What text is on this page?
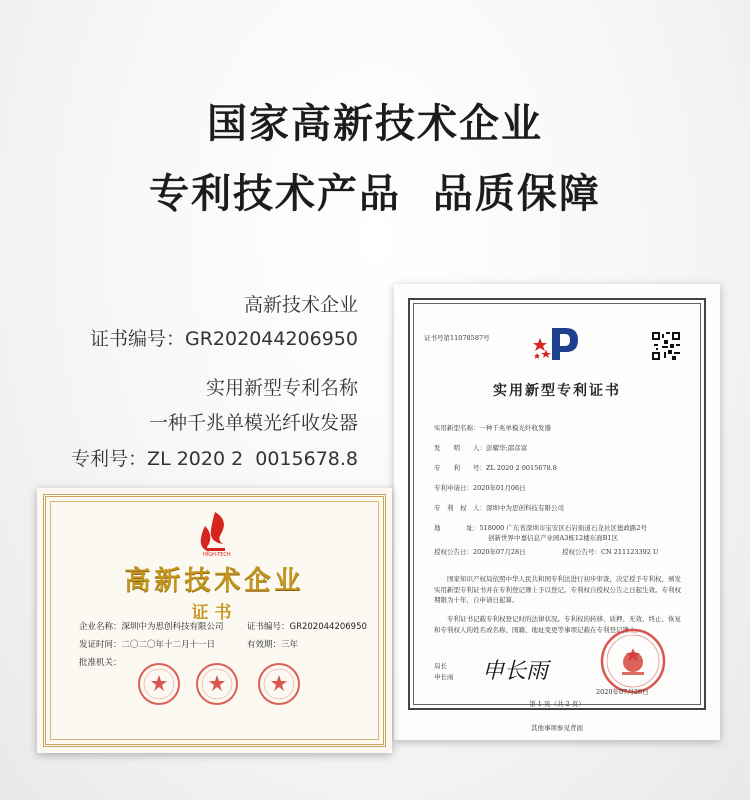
国家高新技术企业
专利技术产品  品质保障
高新技术企业
证书编号：GR202044206950
实用新型专利名称
一种千兆单模光纤收发器
专利号：ZL 2020 2  0015678.8
证书号第11078587号
实用新型专利证书
实用新型名称：一种千兆单模光纤收发器
发　　明　　人：彭耀华;邵彦富
专　　利　　号：ZL 2020 2 0015678.8
专利申请日：2020年01月06日
专　利　权　人：深圳中为思创科技有限公司
地　　　　址：518000 广东省深圳市宝安区石岩街道石龙社区德政路2号
创新世界中嘉信息产业园A3栋12楼东面B1区
授权公告日：2020年07月28日	授权公告号：CN 211123392 U
国家知识产权局依照中华人民共和国专利法进行初步审查，决定授予专利权，颁发实用新型专利证书并在专利登记簿上予以登记。专利权自授权公告之日起生效。专利权期限为十年，自申请日起算。
专利证书记载专利权登记时的法律状况。专利权的转移、质押、无效、终止、恢复和专利权人的姓名或名称、国籍、地址变更等事项记载在专利登记簿上。
局长
申长雨 申长雨
2020年07月28日
第 1 页（共 2 页）
其他事项参见背面
HIGH-TECH
高新技术企业
证书
企业名称：深圳中为思创科技有限公司	证书编号：GR202044206950
发证时间：二〇二〇年十二月十一日	有效期：三年
批准机关：
